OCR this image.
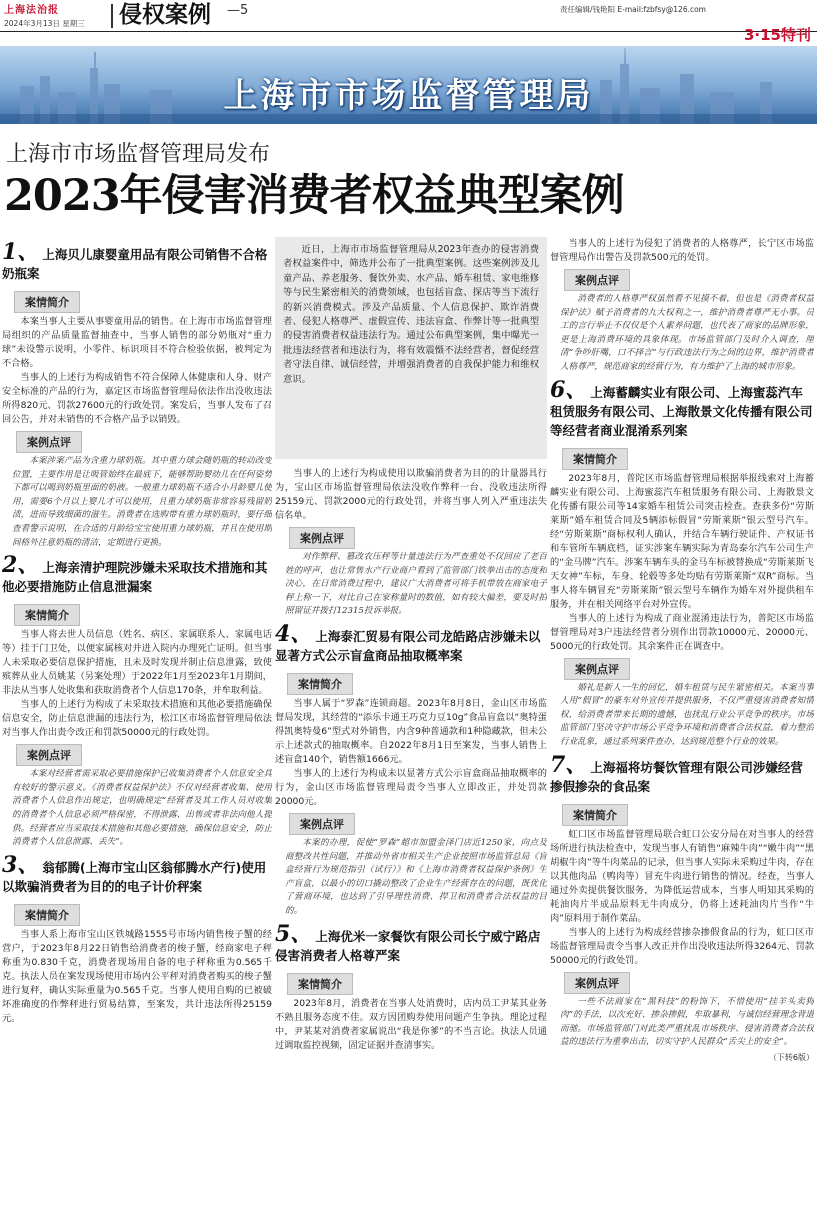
上海法治报
2024年3月13日 星期三 侵权案例 —5	责任编辑/钱艳阳 E-mail:fzbfsy@126.com
3·15特刊
上海市市场监督管理局
上海市市场监督管理局发布
2023年侵害消费者权益典型案例
近日，上海市市场监督管理局从2023年查办的侵害消费者权益案件中，筛选并公布了一批典型案例。这些案例涉及儿童产品、养老服务、餐饮外卖、水产品、婚车租赁、家电维修等与民生紧密相关的消费领域，也包括盲盒、探店等当下流行的新兴消费模式。涉及产品质量、个人信息保护、欺诈消费者、侵犯人格尊严、虚假宣传、违法盲盒、作弊计等一批典型的侵害消费者权益违法行为。通过公布典型案例，集中曝光一批违法经营者和违法行为，将有效震慑不法经营者，督促经营者守法自律、诚信经营，并增强消费者的自我保护能力和维权意识。
1、 上海贝儿康婴童用品有限公司销售不合格奶瓶案
案情简介

本案当事人主要从事婴童用品的销售。在上海市市场监督管理局组织的产品质量监督抽查中，当事人销售的部分奶瓶对“重力球”未设警示说明，小零件、标识项目不符合检验依据，被判定为不合格。

当事人的上述行为构成销售不符合保障人体健康和人身、财产安全标准的产品的行为，嘉定区市场监督管理局依法作出没收违法所得820元、罚款27600元的行政处罚。案发后，当事人发布了召回公告，并对未销售的不合格产品予以销毁。

案例点评

本案涉案产品为含重力球奶瓶。其中重力球会随奶瓶的转动改变位置，主要作用是让吸管始终在最底下，能够帮助婴幼儿在任何姿势下都可以喝到奶瓶里面的奶液。一般重力球奶瓶不适合小月龄婴儿使用，需要6个月以上婴儿才可以使用，且重力球奶瓶非常容易残留奶渍，进而导致细菌的滋生。消费者在选购带有重力球奶瓶时，要仔细查看警示说明，在合适的月龄给宝宝使用重力球奶瓶，并且在使用期间格外注意奶瓶的清洁，定期进行更换。

2、 上海亲清护理院涉嫌未采取技术措施和其他必要措施防止信息泄漏案
案情简介

当事人将去世人员信息（姓名、病区、家属联系人、家属电话等）挂于门卫处，以便家属核对并进入院内办理死亡证明。但当事人未采取必要信息保护措施，且未及时发现并制止信息泄露，致使殡葬从业人员姚某（另案处理）于2022年1月至2023年1月期间，非法从当事人处收集和获取消费者个人信息170条，并牟取利益。

当事人的上述行为构成了未采取技术措施和其他必要措施确保信息安全，防止信息泄漏的违法行为，松江区市场监督管理局依法对当事人作出责令改正和罚款50000元的行政处罚。

案例点评

本案对经营者需采取必要措施保护已收集消费者个人信息安全具有较好的警示意义。《消费者权益保护法》不仅对经营者收集、使用消费者个人信息作出规定，也明确规定“经营者及其工作人员对收集的消费者个人信息必须严格保密，不得泄露、出售或者非法向他人提供。经营者应当采取技术措施和其他必要措施，确保信息安全，防止消费者个人信息泄露、丢失”。

3、 翁郁腾(上海市宝山区翁郁腾水产行)使用以欺骗消费者为目的的电子计价秤案
案情简介

当事人系上海市宝山区铁城路1555号市场内销售梭子蟹的经营户，于2023年8月22日销售给消费者的梭子蟹，经商家电子秤称重为0.830千克，消费者现场用自备的电子秤称重为0.565千克。执法人员在案发现场使用市场内公平秤对消费者购买的梭子蟹进行复秤，确认实际重量为0.565千克。当事人使用自购的已被破坏准确度的作弊秤进行贸易结算，至案发，共计违法所得25159元。

当事人的上述行为构成使用以欺骗消费者为目的的计量器具行为，宝山区市场监督管理局依法没收作弊秤一台、没收违法所得25159元、罚款2000元的行政处罚，并将当事人列入严重违法失信名单。

案例点评

对作弊秤、篡改农压秤等计量违法行为严查重处不仅回应了老百姓的呼声，也让常售水产行业商户看到了监管部门铁拳出击的态度和决心，在日常消费过程中，建议广大消费者可将手机带放在商家电子秤上称一下，对比自己在家称量时的数值，如有较大偏差，要及时拍照留证并拨打12315投诉举报。

4、 上海泰汇贸易有限公司龙皓路店涉嫌未以显著方式公示盲盒商品抽取概率案
案情简介

当事人属于“罗森”连锁商超。2023年8月8日，金山区市场监督局发现，其经营的“添乐卡通王巧克力豆10g”食品盲盒以“奥特蛋得凯奥特曼6”型式对外销售，内含9种普通款和1种隐藏款，但未公示上述款式的抽取概率。自2022年8月1日至案发，当事人销售上述盲盒140个，销售额1666元。

当事人的上述行为构成未以显著方式公示盲盒商品抽取概率的行为，金山区市场监督管理局责令当事人立即改正，并处罚款20000元。

案例点评

本案的办理，促使“罗森”超市加盟金泽门店近1250家，向点及商整改共性问题，并推动外省市相关生产企业按照市场监管总局《盲盒经营行为规范指引（试行）》和《上海市消费者权益保护条例》生产盲盒，以最小的切口撬动整改了企业生产经营存在的问题，既优化了营商环境，也达到了引导理性消费、捍卫和消费者合法权益的目的。

5、 上海优米一家餐饮有限公司长宁威宁路店侵害消费者人格尊严案
案情简介

2023年8月，消费者在当事人处消费时，店内员工尹某其业务不熟且服务态度不佳。双方因团购券使用问题产生争执。理论过程中，尹某某对消费者家属说出“我是你爹”的不当言论。执法人员通过调取监控视频，固定证据并查清事实。

当事人的上述行为侵犯了消费者的人格尊严，长宁区市场监督管理局作出警告及罚款500元的处罚。

案例点评

消费者的人格尊严权虽然看不见摸不着，但也是《消费者权益保护法》赋予消费者的九大权利之一，维护消费者尊严无小事。员工的言行举止不仅仅是个人素养问题，也代表了商家的品牌形象，更是上海消费环境的具象体现。市场监管部门及时介入调查，厘清“争吵肝嘴，口不择言”与行政违法行为之间的边界，维护消费者人格尊严，规范商家的经营行为，有力维护了上海的城市形象。

6、 上海蓄麟实业有限公司、上海蜜蕊汽车租赁服务有限公司、上海散景文化传播有限公司等经营者商业混淆系列案
案情简介

2023年8月，普陀区市场监督管理局根据举报线索对上海蓄麟实业有限公司、上海蜜蕊汽车租赁服务有限公司、上海散景文化传播有限公司等14家婚车租赁公司突击检查。查获多份“劳斯莱斯”婚车租赁合同及5辆添标假冒“劳斯莱斯”银云型号汽车。经“劳斯莱斯”商标权利人确认，并结合车辆行驶证件、产权证书和车管所车辆底档，证实涉案车辆实际为青岛泰尔汽车公司生产的“金马牌”汽车。涉案车辆车头的金马车标被替换成“劳斯莱斯飞天女神”车标，车身、轮毂等多处均贴有劳斯莱斯“双R”商标。当事人将车辆冒充“劳斯莱斯”银云型号车辆作为婚车对外提供租车服务，并在相关网络平台对外宣传。

当事人的上述行为构成了商业混淆违法行为，普陀区市场监督管理局对3户违法经营者分别作出罚款10000元、20000元、5000元的行政处罚。其余案件正在调查中。

案例点评

婚礼是新人一生的回忆，婚车租赁与民生紧密相关。本案当事人用“假冒”的豪车对外宣传并提供服务，不仅严重侵害消费者知情权，给消费者带来长期的遗憾，也扰乱行业公平竞争的秩序。市场监管部门坚决守护市场公平竞争环境和消费者合法权益，着力整治行业乱象，通过系列案件查办，达到规范整个行业的效果。

7、 上海福将坊餐饮管理有限公司涉嫌经营掺假掺杂的食品案
案情简介

虹口区市场监督管理局联合虹口公安分局在对当事人的经营场所进行执法检查中，发现当事人有销售“麻辣牛肉”“嫩牛肉”“黑胡椒牛肉”等牛肉菜品的记录，但当事人实际未采购过牛肉，存在以其他肉品（鸭肉等）冒充牛肉进行销售的情况。经查，当事人通过外卖提供餐饮服务，为降低运营成本，当事人明知其采购的耗油肉片半成品原料无牛肉成分，仍将上述耗油肉片当作“牛肉”原料用于制作菜品。

当事人的上述行为构成经营掺杂掺假食品的行为，虹口区市场监督管理局责令当事人改正并作出没收违法所得3264元、罚款50000元的行政处罚。

案例点评

一些不法商家在“黑科技”的粉饰下，不惜使用“挂羊头卖狗肉”的手法，以次充好、掺杂掺假，牟取暴利，与诚信经营理念背道而驰。市场监管部门对此类严重扰乱市场秩序、侵害消费者合法权益的违法行为重拳出击，切实守护人民群众“舌尖上的安全”。

（下转6版）
